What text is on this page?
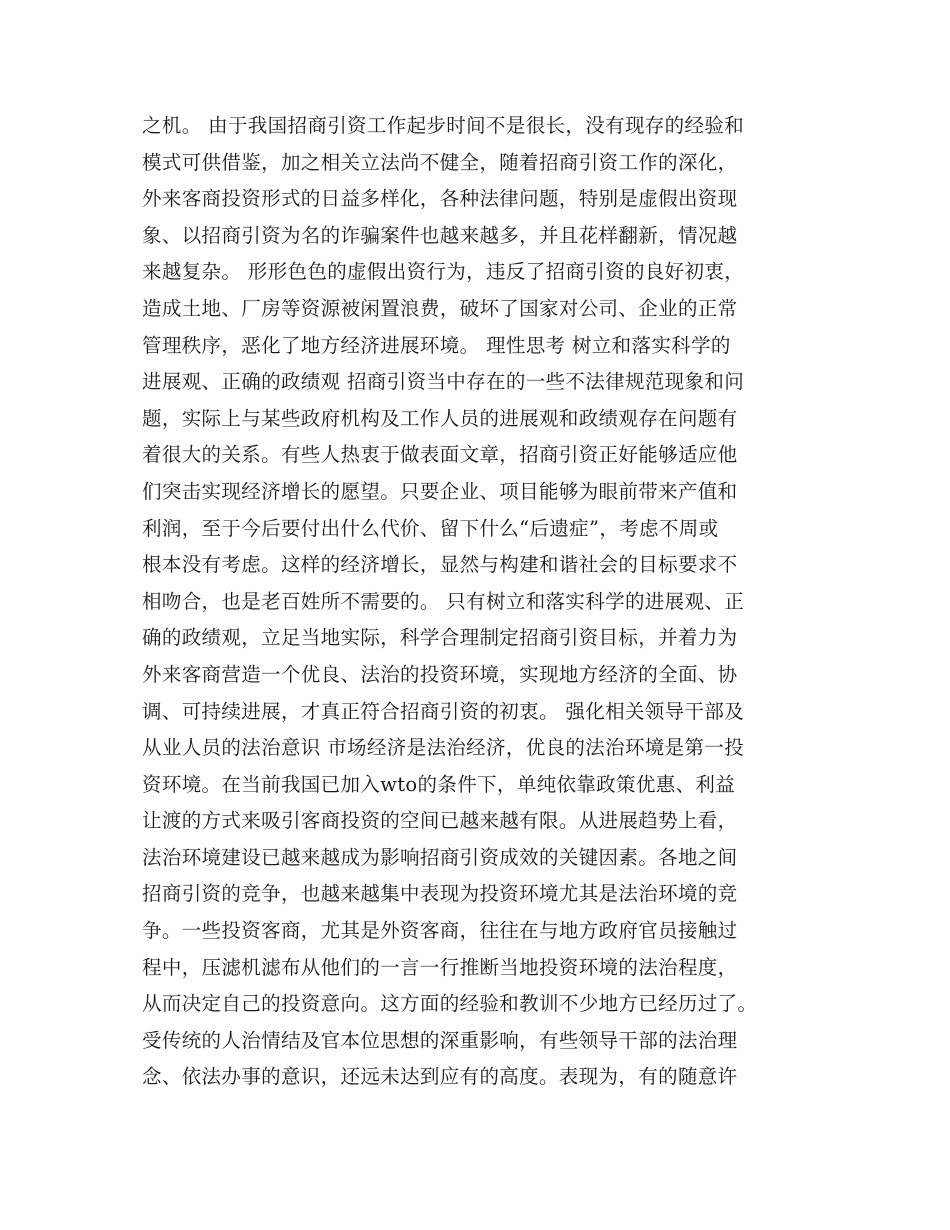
之机。 由于我国招商引资工作起步时间不是很长，没有现存的经验和
模式可供借鉴，加之相关立法尚不健全，随着招商引资工作的深化，
外来客商投资形式的日益多样化，各种法律问题，特别是虚假出资现
象、以招商引资为名的诈骗案件也越来越多，并且花样翻新，情况越
来越复杂。 形形色色的虚假出资行为，违反了招商引资的良好初衷，
造成土地、厂房等资源被闲置浪费，破坏了国家对公司、企业的正常
管理秩序，恶化了地方经济进展环境。 理性思考 树立和落实科学的
进展观、正确的政绩观 招商引资当中存在的一些不法律规范现象和问
题，实际上与某些政府机构及工作人员的进展观和政绩观存在问题有
着很大的关系。有些人热衷于做表面文章，招商引资正好能够适应他
们突击实现经济增长的愿望。只要企业、项目能够为眼前带来产值和
利润，至于今后要付出什么代价、留下什么“后遗症”，考虑不周或
根本没有考虑。这样的经济增长，显然与构建和谐社会的目标要求不
相吻合，也是老百姓所不需要的。 只有树立和落实科学的进展观、正
确的政绩观，立足当地实际，科学合理制定招商引资目标，并着力为
外来客商营造一个优良、法治的投资环境，实现地方经济的全面、协
调、可持续进展，才真正符合招商引资的初衷。 强化相关领导干部及
从业人员的法治意识 市场经济是法治经济，优良的法治环境是第一投
资环境。在当前我国已加入wto的条件下，单纯依靠政策优惠、利益
让渡的方式来吸引客商投资的空间已越来越有限。从进展趋势上看，
法治环境建设已越来越成为影响招商引资成效的关键因素。各地之间
招商引资的竞争，也越来越集中表现为投资环境尤其是法治环境的竞
争。一些投资客商，尤其是外资客商，往往在与地方政府官员接触过
程中，压滤机滤布从他们的一言一行推断当地投资环境的法治程度，
从而决定自己的投资意向。这方面的经验和教训不少地方已经历过了。
受传统的人治情结及官本位思想的深重影响，有些领导干部的法治理
念、依法办事的意识，还远未达到应有的高度。表现为，有的随意许
